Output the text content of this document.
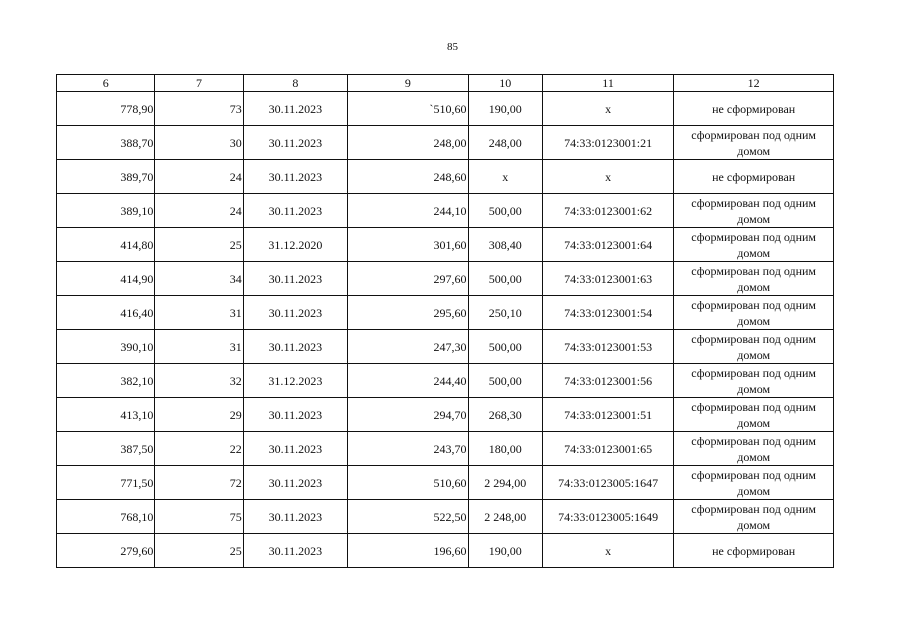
85
6	7	8	9	10	11	12
778,90	73	30.11.2023	`510,60	190,00	x	не сформирован
388,70	30	30.11.2023	248,00	248,00	74:33:0123001:21	сформирован под одним домом
389,70	24	30.11.2023	248,60	x	x	не сформирован
389,10	24	30.11.2023	244,10	500,00	74:33:0123001:62	сформирован под одним домом
414,80	25	31.12.2020	301,60	308,40	74:33:0123001:64	сформирован под одним домом
414,90	34	30.11.2023	297,60	500,00	74:33:0123001:63	сформирован под одним домом
416,40	31	30.11.2023	295,60	250,10	74:33:0123001:54	сформирован под одним домом
390,10	31	30.11.2023	247,30	500,00	74:33:0123001:53	сформирован под одним домом
382,10	32	31.12.2023	244,40	500,00	74:33:0123001:56	сформирован под одним домом
413,10	29	30.11.2023	294,70	268,30	74:33:0123001:51	сформирован под одним домом
387,50	22	30.11.2023	243,70	180,00	74:33:0123001:65	сформирован под одним домом
771,50	72	30.11.2023	510,60	2 294,00	74:33:0123005:1647	сформирован под одним домом
768,10	75	30.11.2023	522,50	2 248,00	74:33:0123005:1649	сформирован под одним домом
279,60	25	30.11.2023	196,60	190,00	x	не сформирован
